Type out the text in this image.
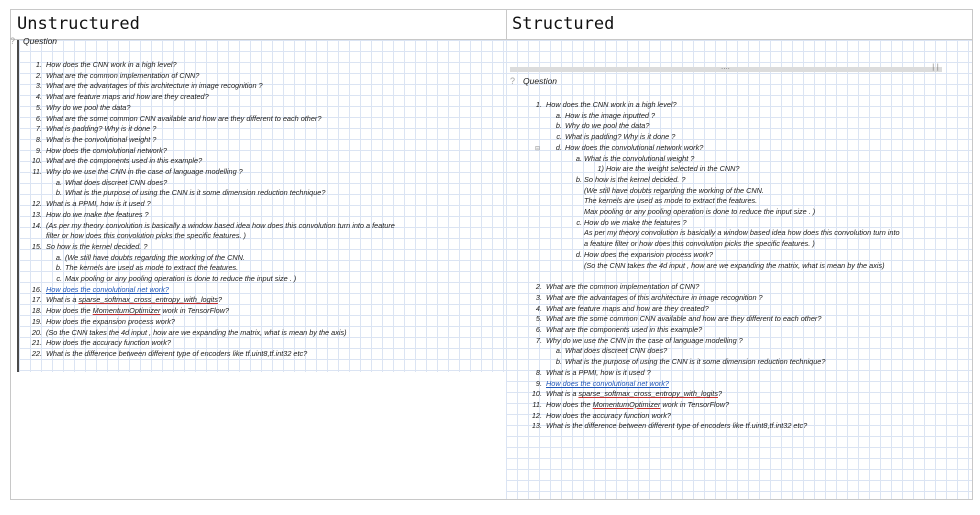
Unstructured	Structured
? Question
1. How does the CNN work in a high level?
2. What are the common implementation of CNN?
3. What are the advantages of this architecture in image recognition ?
4. What are feature maps and how are they created?
5. Why do we pool the data?
6. What are the some common CNN available and how are they different to each other?
7. What is padding? Why is it done ?
8. What is the convolutional weight ?
9. How does the convolutional network?
10. What are the components used in this example?
11. Why do we use the CNN in the case of language modelling ?
a. What does discreet CNN does?
b. What is the purpose of using the CNN is it some dimension reduction technique?
12. What is a PPMI, how is it used ?
13. How do we make the features ?
14. (As per my theory convolution is basically a window based idea how does this convolution turn into a feature
filter or how does this convolution picks the specific features. )
15. So how is the kernel decided. ?
a. (We still have doubts regarding the working of the CNN.
b. The kernels are used as mode to extract the features.
c. Max pooling or any pooling operation is done to reduce the input size . )
16. How does the convolutional net work?
17. What is a sparse_softmax_cross_entropy_with_logits?
18. How does the MomentumOptimizer work in TensorFlow?
19. How does the expansion process work?
20. (So the CNN takes the 4d input , how are we expanding the matrix, what is mean by the axis)
21. How does the accuracy function work?
22. What is the difference between different type of encoders like tf.uint8,tf.int32 etc?
....	| |
? Question
1. How does the CNN work in a high level?
a. How is the image inputted ?
b. Why do we pool the data?
c. What is padding? Why is it done ?
⊟ d. How does the convolutional network work?
a. What is the convolutional weight ?
1) How are the weight selected in the CNN?
b. So how is the kernel decided. ?
(We still have doubts regarding the working of the CNN.
The kernels are used as mode to extract the features.
Max pooling or any pooling operation is done to reduce the input size . )
c. How do we make the features ?
As per my theory convolution is basically a window based idea how does this convolution turn into
a feature filter or how does this convolution picks the specific features. )
d. How does the expansion process work?
(So the CNN takes the 4d input , how are we expanding the matrix, what is mean by the axis)
2. What are the common implementation of CNN?
3. What are the advantages of this architecture in image recognition ?
4. What are feature maps and how are they created?
5. What are the some common CNN available and how are they different to each other?
6. What are the components used in this example?
7. Why do we use the CNN in the case of language modelling ?
a. What does discreet CNN does?
b. What is the purpose of using the CNN is it some dimension reduction technique?
8. What is a PPMI, how is it used ?
9. How does the convolutional net work?
10. What is a sparse_softmax_cross_entropy_with_logits?
11. How does the MomentumOptimizer work in TensorFlow?
12. How does the accuracy function work?
13. What is the difference between different type of encoders like tf.uint8,tf.int32 etc?
